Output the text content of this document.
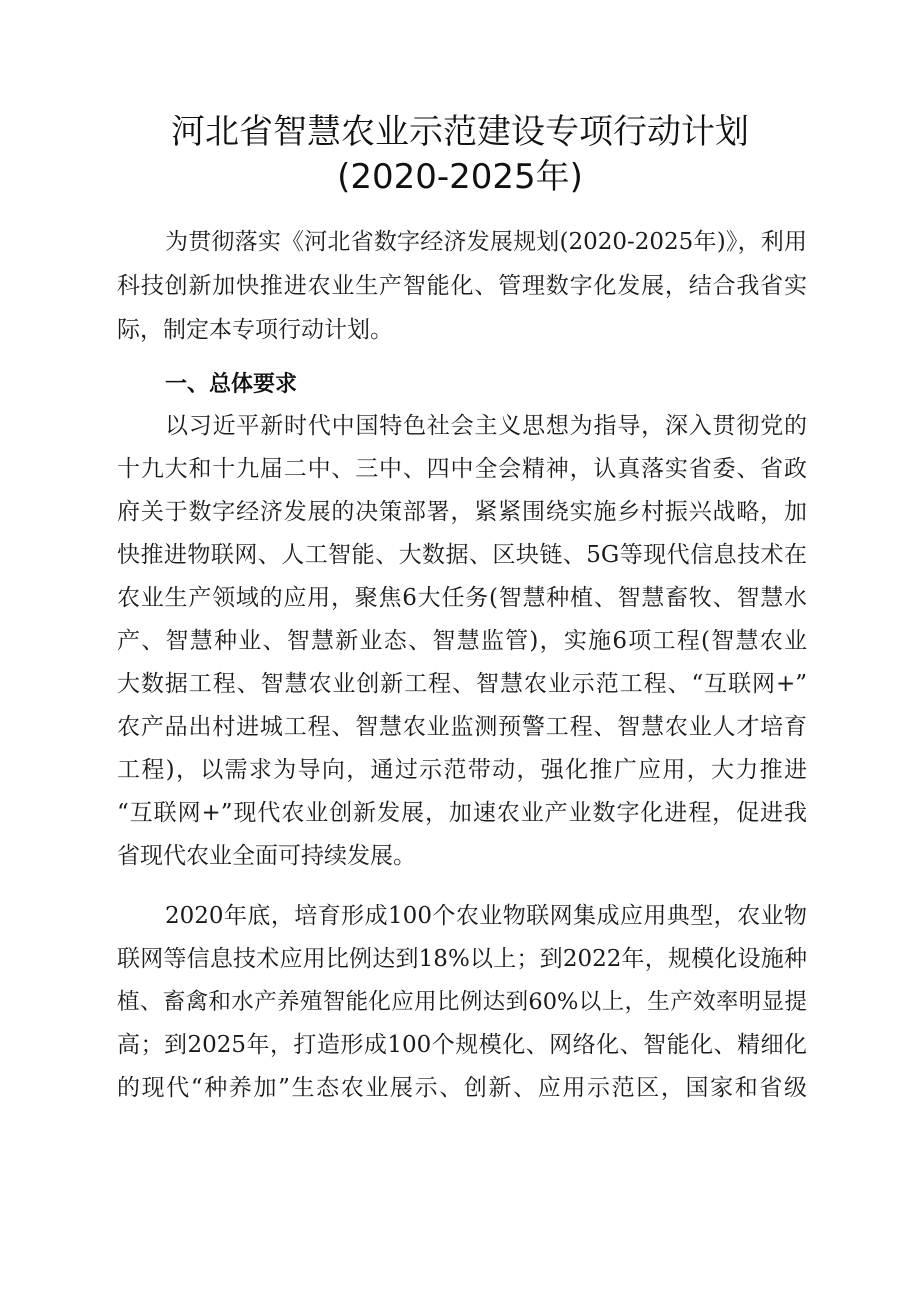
河北省智慧农业示范建设专项行动计划
(2020-2025年)
为贯彻落实《河北省数字经济发展规划(2020-2025年)》，利用
科技创新加快推进农业生产智能化、管理数字化发展，结合我省实
际，制定本专项行动计划。
一、总体要求
以习近平新时代中国特色社会主义思想为指导，深入贯彻党的
十九大和十九届二中、三中、四中全会精神，认真落实省委、省政
府关于数字经济发展的决策部署，紧紧围绕实施乡村振兴战略，加
快推进物联网、人工智能、大数据、区块链、5G等现代信息技术在
农业生产领域的应用，聚焦6大任务(智慧种植、智慧畜牧、智慧水
产、智慧种业、智慧新业态、智慧监管)，实施6项工程(智慧农业
大数据工程、智慧农业创新工程、智慧农业示范工程、“互联网+”
农产品出村进城工程、智慧农业监测预警工程、智慧农业人才培育
工程)，以需求为导向，通过示范带动，强化推广应用，大力推进
“互联网+”现代农业创新发展，加速农业产业数字化进程，促进我
省现代农业全面可持续发展。
2020年底，培育形成100个农业物联网集成应用典型，农业物
联网等信息技术应用比例达到18%以上；到2022年，规模化设施种
植、畜禽和水产养殖智能化应用比例达到60%以上，生产效率明显提
高；到2025年，打造形成100个规模化、网络化、智能化、精细化
的现代“种养加”生态农业展示、创新、应用示范区，国家和省级
